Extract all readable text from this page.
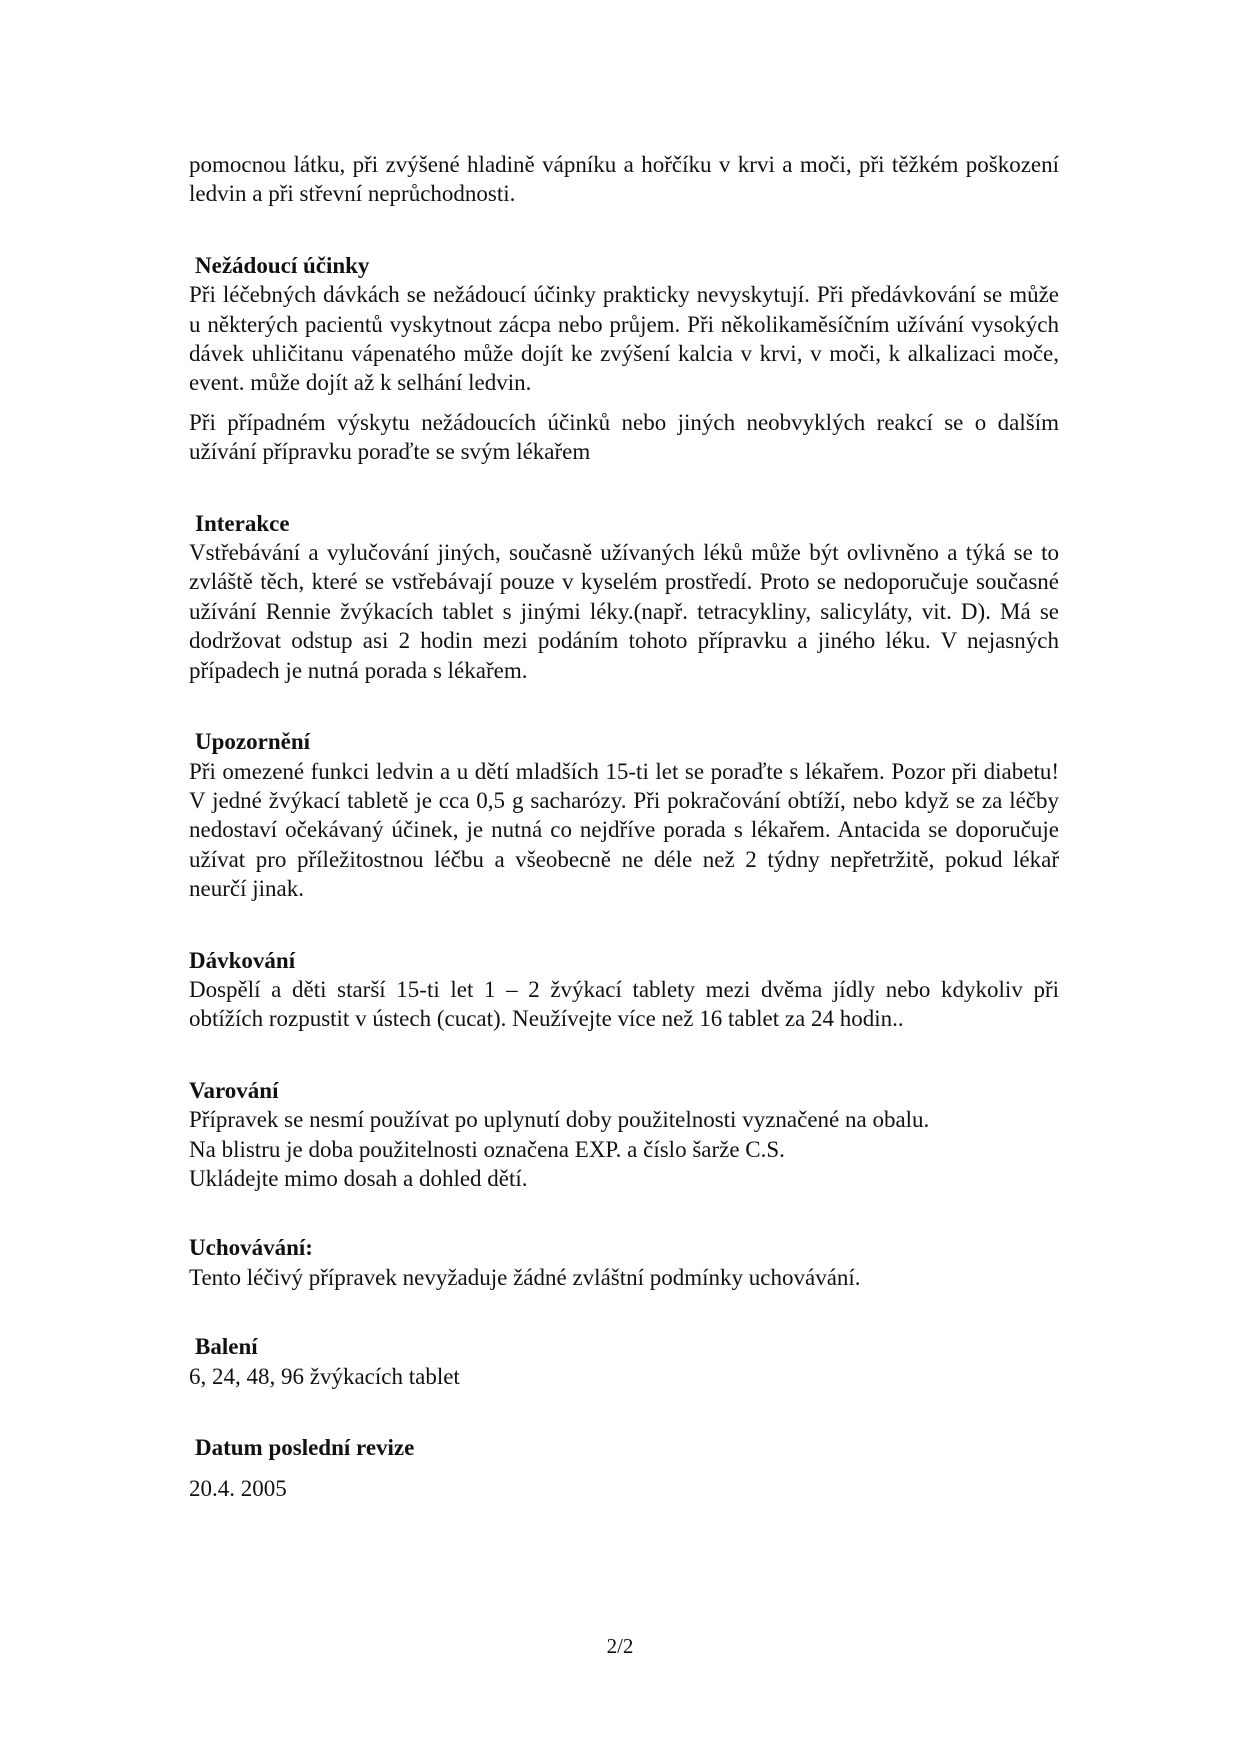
pomocnou látku, při zvýšené hladině vápníku a hořčíku v krvi a moči, při těžkém poškození ledvin a při střevní neprůchodnosti.

Nežádoucí účinky

Při léčebných dávkách se nežádoucí účinky prakticky nevyskytují. Při předávkování se může u některých pacientů vyskytnout zácpa nebo průjem. Při několikaměsíčním užívání vysokých dávek uhličitanu vápenatého může dojít ke zvýšení kalcia v krvi, v moči, k alkalizaci moče, event. může dojít až k selhání ledvin.

Při případném výskytu nežádoucích účinků nebo jiných neobvyklých reakcí se o dalším užívání přípravku poraďte se svým lékařem

Interakce

Vstřebávání a vylučování jiných, současně užívaných léků může být ovlivněno a týká se to zvláště těch, které se vstřebávají pouze v kyselém prostředí. Proto se nedoporučuje současné užívání Rennie žvýkacích tablet s jinými léky.(např. tetracykliny, salicyláty, vit. D). Má se dodržovat odstup asi 2 hodin mezi podáním tohoto přípravku a jiného léku. V nejasných případech je nutná porada s lékařem.

Upozornění

Při omezené funkci ledvin a u dětí mladších 15-ti let se poraďte s lékařem. Pozor při diabetu! V jedné žvýkací tabletě je cca 0,5 g sacharózy. Při pokračování obtíží, nebo když se za léčby nedostaví očekávaný účinek, je nutná co nejdříve porada s lékařem. Antacida se doporučuje užívat pro příležitostnou léčbu a všeobecně ne déle než 2 týdny nepřetržitě, pokud lékař neurčí jinak.

Dávkování

Dospělí a děti starší 15-ti let 1 – 2 žvýkací tablety mezi dvěma jídly nebo kdykoliv při obtížích rozpustit v ústech (cucat). Neužívejte více než 16 tablet za 24 hodin..

Varování
Přípravek se nesmí používat po uplynutí doby použitelnosti vyznačené na obalu.
Na blistru je doba použitelnosti označena EXP. a číslo šarže C.S.
Ukládejte mimo dosah a dohled dětí.
Uchovávání:

Tento léčivý přípravek nevyžaduje žádné zvláštní podmínky uchovávání.

Balení

6, 24, 48, 96 žvýkacích tablet

Datum poslední revize

20.4. 2005

2/2
